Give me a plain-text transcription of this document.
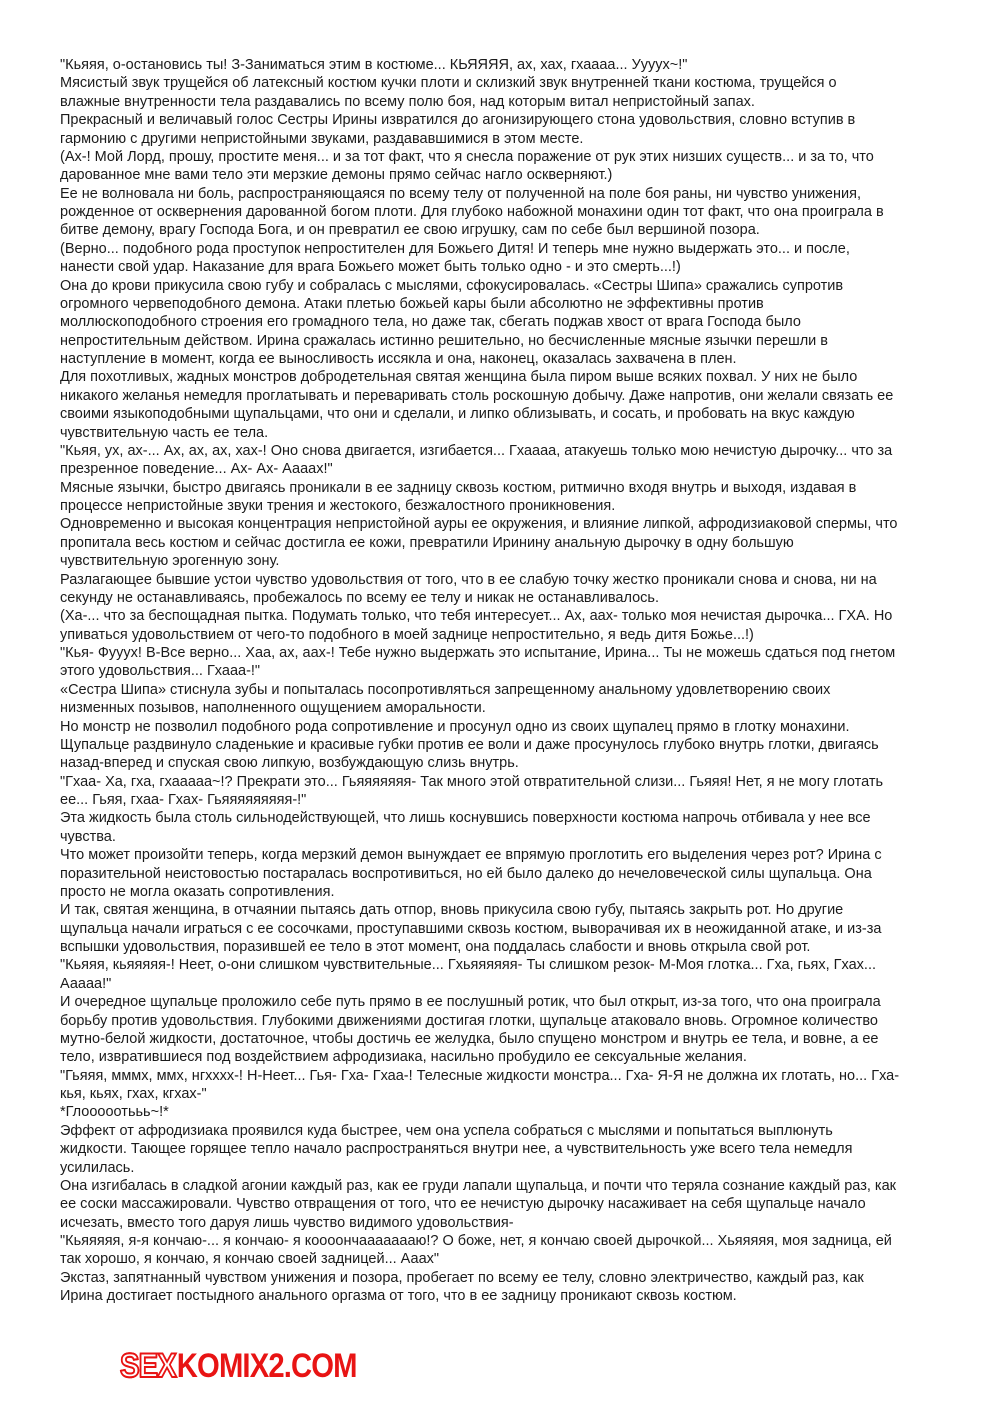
"Кьяяя, о-остановись ты! З-Заниматься этим в костюме... КЬЯЯЯЯ, ах, хах, гхаааа... Уууух~!"
Мясистый звук трущейся об латексный костюм кучки плоти и склизкий звук внутренней ткани костюма, трущейся о
влажные внутренности тела раздавались по всему полю боя, над которым витал непристойный запах.
Прекрасный и величавый голос Сестры Ирины извратился до агонизирующего стона удовольствия, словно вступив в
гармонию с другими непристойными звуками, раздававшимися в этом месте.
(Ах-! Мой Лорд, прошу, простите меня... и за тот факт, что я снесла поражение от рук этих низших существ... и за то, что
дарованное мне вами тело эти мерзкие демоны прямо сейчас нагло оскверняют.)
Ее не волновала ни боль, распространяющаяся по всему телу от полученной на поле боя раны, ни чувство унижения,
рожденное от осквернения дарованной богом плоти. Для глубоко набожной монахини один тот факт, что она проиграла в
битве демону, врагу Господа Бога, и он превратил ее свою игрушку, сам по себе был вершиной позора.
(Верно... подобного рода проступок непростителен для Божьего Дитя! И теперь мне нужно выдержать это... и после,
нанести свой удар. Наказание для врага Божьего может быть только одно - и это смерть...!)
Она до крови прикусила свою губу и собралась с мыслями, сфокусировалась. «Сестры Шипа» сражались супротив
огромного червеподобного демона. Атаки плетью божьей кары были абсолютно не эффективны против
моллюскоподобного строения его громадного тела, но даже так, сбегать поджав хвост от врага Господа было
непростительным действом. Ирина сражалась истинно решительно, но бесчисленные мясные язычки перешли в
наступление в момент, когда ее выносливость иссякла и она, наконец, оказалась захвачена в плен.
Для похотливых, жадных монстров добродетельная святая женщина была пиром выше всяких похвал. У них не было
никакого желанья немедля проглатывать и переваривать столь роскошную добычу. Даже напротив, они желали связать ее
своими языкоподобными щупальцами, что они и сделали, и липко облизывать, и сосать, и пробовать на вкус каждую
чувствительную часть ее тела.
"Кьяя, ух, ах-... Ах, ах, ах, хах-! Оно снова двигается, изгибается... Гхаааа, атакуешь только мою нечистую дырочку... что за
презренное поведение... Ах- Ах- Аааах!"
Мясные язычки, быстро двигаясь проникали в ее задницу сквозь костюм, ритмично входя внутрь и выходя, издавая в
процессе непристойные звуки трения и жестокого, безжалостного проникновения.
Одновременно и высокая концентрация непристойной ауры ее окружения, и влияние липкой, афродизиаковой спермы, что
пропитала весь костюм и сейчас достигла ее кожи, превратили Иринину анальную дырочку в одну большую
чувствительную эрогенную зону.
Разлагающее бывшие устои чувство удовольствия от того, что в ее слабую точку жестко проникали снова и снова, ни на
секунду не останавливаясь, пробежалось по всему ее телу и никак не останавливалось.
(Ха-... что за беспощадная пытка. Подумать только, что тебя интересует... Ах, аах- только моя нечистая дырочка... ГХА. Но
упиваться удовольствием от чего-то подобного в моей заднице непростительно, я ведь дитя Божье...!)
"Кья- Фууух! В-Все верно... Хаа, ах, аах-! Тебе нужно выдержать это испытание, Ирина... Ты не можешь сдаться под гнетом
этого удовольствия... Гхааа-!"
«Сестра Шипа» стиснула зубы и попыталась посопротивляться запрещенному анальному удовлетворению своих
низменных позывов, наполненного ощущением аморальности.
Но монстр не позволил подобного рода сопротивление и просунул одно из своих щупалец прямо в глотку монахини.
Щупальце раздвинуло сладенькие и красивые губки против ее воли и даже просунулось глубоко внутрь глотки, двигаясь
назад-вперед и спуская свою липкую, возбуждающую слизь внутрь.
"Гхаа- Ха, гха, гхааааа~!? Прекрати это... Гьяяяяяяя- Так много этой отвратительной слизи... Гьяяя! Нет, я не могу глотать
ее... Гьяя, гхаа- Гхах- Гьяяяяяяяяя-!"
Эта жидкость была столь сильнодействующей, что лишь коснувшись поверхности костюма напрочь отбивала у нее все
чувства.
Что может произойти теперь, когда мерзкий демон вынуждает ее впрямую проглотить его выделения через рот? Ирина с
поразительной неистовостью постаралась воспротивиться, но ей было далеко до нечеловеческой силы щупальца. Она
просто не могла оказать сопротивления.
И так, святая женщина, в отчаянии пытаясь дать отпор, вновь прикусила свою губу, пытаясь закрыть рот. Но другие
щупальца начали играться с ее сосочками, проступавшими сквозь костюм, выворачивая их в неожиданной атаке, и из-за
вспышки удовольствия, поразившей ее тело в этот момент, она поддалась слабости и вновь открыла свой рот.
"Кьяяя, кьяяяяя-! Неет, о-они слишком чувствительные... Гхьяяяяяя- Ты слишком резок- М-Моя глотка... Гха, гьях, Гхах...
Ааааа!"
И очередное щупальце проложило себе путь прямо в ее послушный ротик, что был открыт, из-за того, что она проиграла
борьбу против удовольствия. Глубокими движениями достигая глотки, щупальце атаковало вновь. Огромное количество
мутно-белой жидкости, достаточное, чтобы достичь ее желудка, было спущено монстром и внутрь ее тела, и вовне, а ее
тело, извратившиеся под воздействием афродизиака, насильно пробудило ее сексуальные желания.
"Гьяяя, мммх, ммх, нгхххх-! Н-Неет... Гья- Гха- Гхаа-! Телесные жидкости монстра... Гха- Я-Я не должна их глотать, но... Гха-
кья, кьях, гхах, кгхах-"
*Глооооотььь~!*
Эффект от афродизиака проявился куда быстрее, чем она успела собраться с мыслями и попытаться выплюнуть
жидкости. Тающее горящее тепло начало распространяться внутри нее, а чувствительность уже всего тела немедля
усилилась.
Она изгибалась в сладкой агонии каждый раз, как ее груди лапали щупальца, и почти что теряла сознание каждый раз, как
ее соски массажировали. Чувство отвращения от того, что ее нечистую дырочку насаживает на себя щупальце начало
исчезать, вместо того даруя лишь чувство видимого удовольствия-
"Кьяяяяя, я-я кончаю-... я кончаю- я коооончаааааааю!? О боже, нет, я кончаю своей дырочкой... Хьяяяяя, моя задница, ей
так хорошо, я кончаю, я кончаю своей задницей... Ааах"
Экстаз, запятнанный чувством унижения и позора, пробегает по всему ее телу, словно электричество, каждый раз, как
Ирина достигает постыдного анального оргазма от того, что в ее задницу проникают сквозь костюм.
SEXKOMIX2.COM
